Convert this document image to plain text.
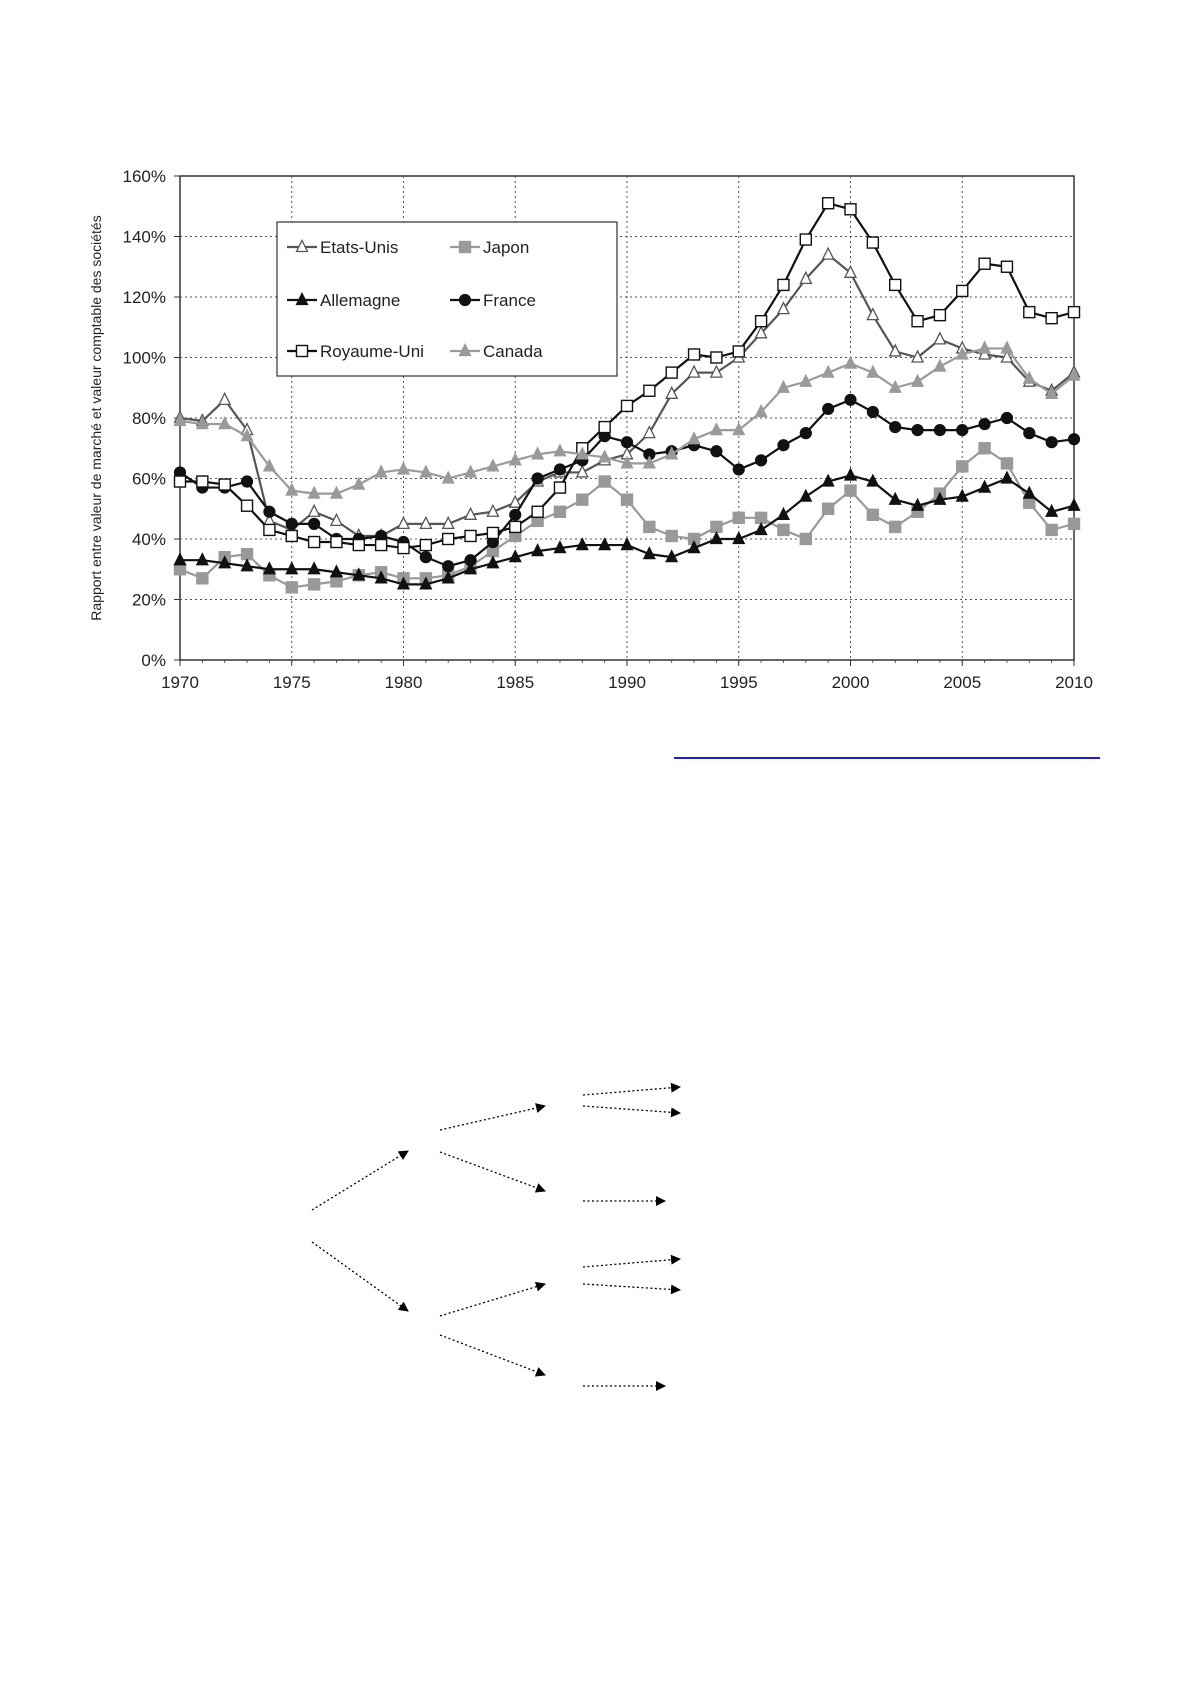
0%
20%
40%
60%
80%
100%
120%
140%
160%
1970	1975	1980	1985	1990	1995	2000	2005	2010
Rapport entre valeur de marché et valeur comptable des sociétés	Etats-Unis	Japon
Allemagne	France
Royaume-Uni	Canada
